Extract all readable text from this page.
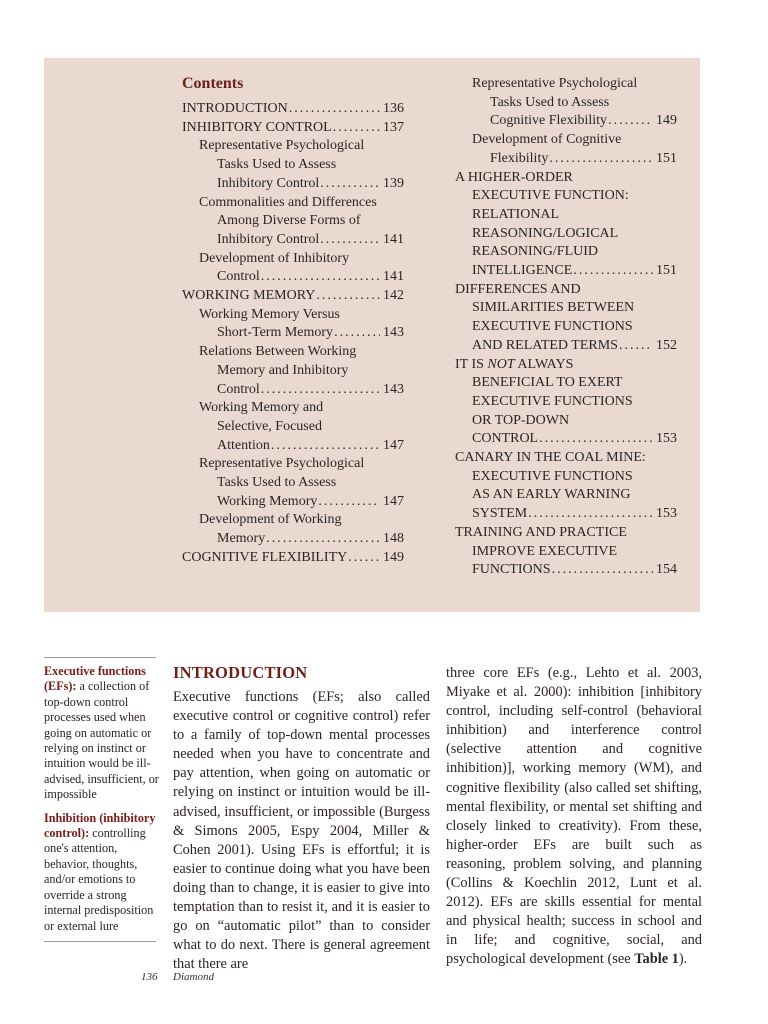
Contents
INTRODUCTION .....	136
INHIBITORY CONTROL .....	137
Representative Psychological
Tasks Used to Assess
Inhibitory Control .....	139
Commonalities and Differences
Among Diverse Forms of
Inhibitory Control .....	141
Development of Inhibitory
Control .....	141
WORKING MEMORY .....	142
Working Memory Versus
Short-Term Memory .....	143
Relations Between Working
Memory and Inhibitory
Control .....	143
Working Memory and
Selective, Focused
Attention .....	147
Representative Psychological
Tasks Used to Assess
Working Memory .....	147
Development of Working
Memory .....	148
COGNITIVE FLEXIBILITY .....	149
Representative Psychological
Tasks Used to Assess
Cognitive Flexibility .....	149
Development of Cognitive
Flexibility .....	151
A HIGHER-ORDER
EXECUTIVE FUNCTION:
RELATIONAL
REASONING/LOGICAL
REASONING/FLUID
INTELLIGENCE .....	151
DIFFERENCES AND
SIMILARITIES BETWEEN
EXECUTIVE FUNCTIONS
AND RELATED TERMS .....	152
IT IS NOT ALWAYS
BENEFICIAL TO EXERT
EXECUTIVE FUNCTIONS
OR TOP-DOWN
CONTROL .....	153
CANARY IN THE COAL MINE:
EXECUTIVE FUNCTIONS
AS AN EARLY WARNING
SYSTEM .....	153
TRAINING AND PRACTICE
IMPROVE EXECUTIVE
FUNCTIONS .....	154
Executive functions (EFs): a collection of top-down control processes used when going on automatic or relying on instinct or intuition would be ill-advised, insufficient, or impossible
Inhibition (inhibitory control): controlling one's attention, behavior, thoughts, and/or emotions to override a strong internal predisposition or external lure
INTRODUCTION
Executive functions (EFs; also called executive control or cognitive control) refer to a family of top-down mental processes needed when you have to concentrate and pay attention, when going on automatic or relying on instinct or intuition would be ill-advised, insufficient, or impossible (Burgess & Simons 2005, Espy 2004, Miller & Cohen 2001). Using EFs is effortful; it is easier to continue doing what you have been doing than to change, it is easier to give into temptation than to resist it, and it is easier to go on “automatic pilot” than to consider what to do next. There is general agreement that there are
three core EFs (e.g., Lehto et al. 2003, Miyake et al. 2000): inhibition [inhibitory control, including self-control (behavioral inhibition) and interference control (selective attention and cognitive inhibition)], working memory (WM), and cognitive flexibility (also called set shifting, mental flexibility, or mental set shifting and closely linked to creativity). From these, higher-order EFs are built such as reasoning, problem solving, and planning (Collins & Koechlin 2012, Lunt et al. 2012). EFs are skills essential for mental and physical health; success in school and in life; and cognitive, social, and psychological development (see Table 1).
136 Diamond
